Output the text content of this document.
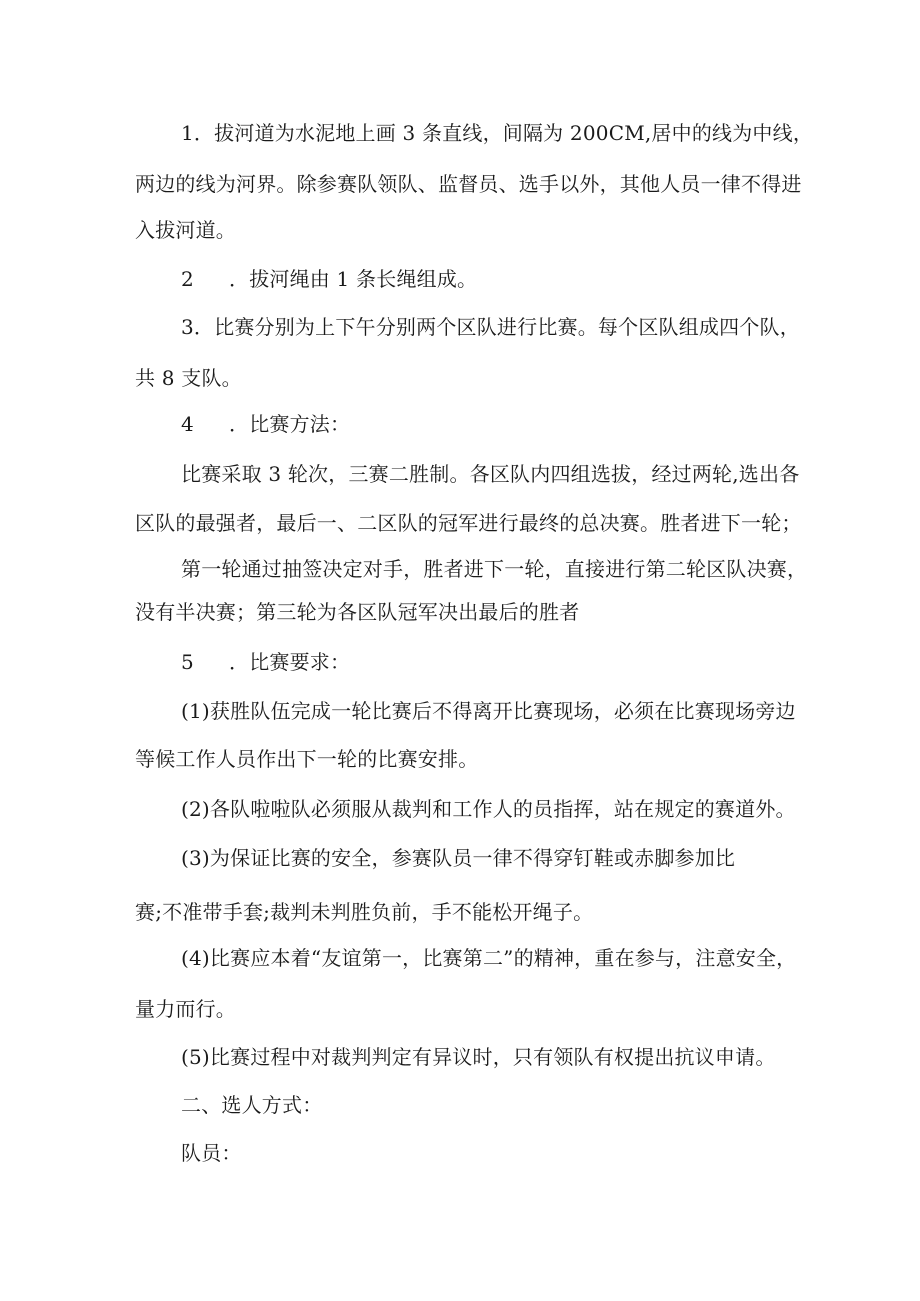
1．拔河道为水泥地上画 3 条直线，间隔为 200CM,居中的线为中线，
两边的线为河界。除参赛队领队、监督员、选手以外，其他人员一律不得进
入拔河道。
2 ．拔河绳由 1 条长绳组成。
3．比赛分别为上下午分别两个区队进行比赛。每个区队组成四个队，
共 8 支队。
4 ．比赛方法：
比赛采取 3 轮次，三赛二胜制。各区队内四组选拔，经过两轮,选出各
区队的最强者，最后一、二区队的冠军进行最终的总决赛。胜者进下一轮；
第一轮通过抽签决定对手，胜者进下一轮，直接进行第二轮区队决赛，
没有半决赛；第三轮为各区队冠军决出最后的胜者
5 ．比赛要求：
(1)获胜队伍完成一轮比赛后不得离开比赛现场，必须在比赛现场旁边
等候工作人员作出下一轮的比赛安排。
(2)各队啦啦队必须服从裁判和工作人的员指挥，站在规定的赛道外。
(3)为保证比赛的安全，参赛队员一律不得穿钉鞋或赤脚参加比
赛;不准带手套;裁判未判胜负前，手不能松开绳子。
(4)比赛应本着“友谊第一，比赛第二”的精神，重在参与，注意安全，
量力而行。
(5)比赛过程中对裁判判定有异议时，只有领队有权提出抗议申请。
二、选人方式：
队员：
